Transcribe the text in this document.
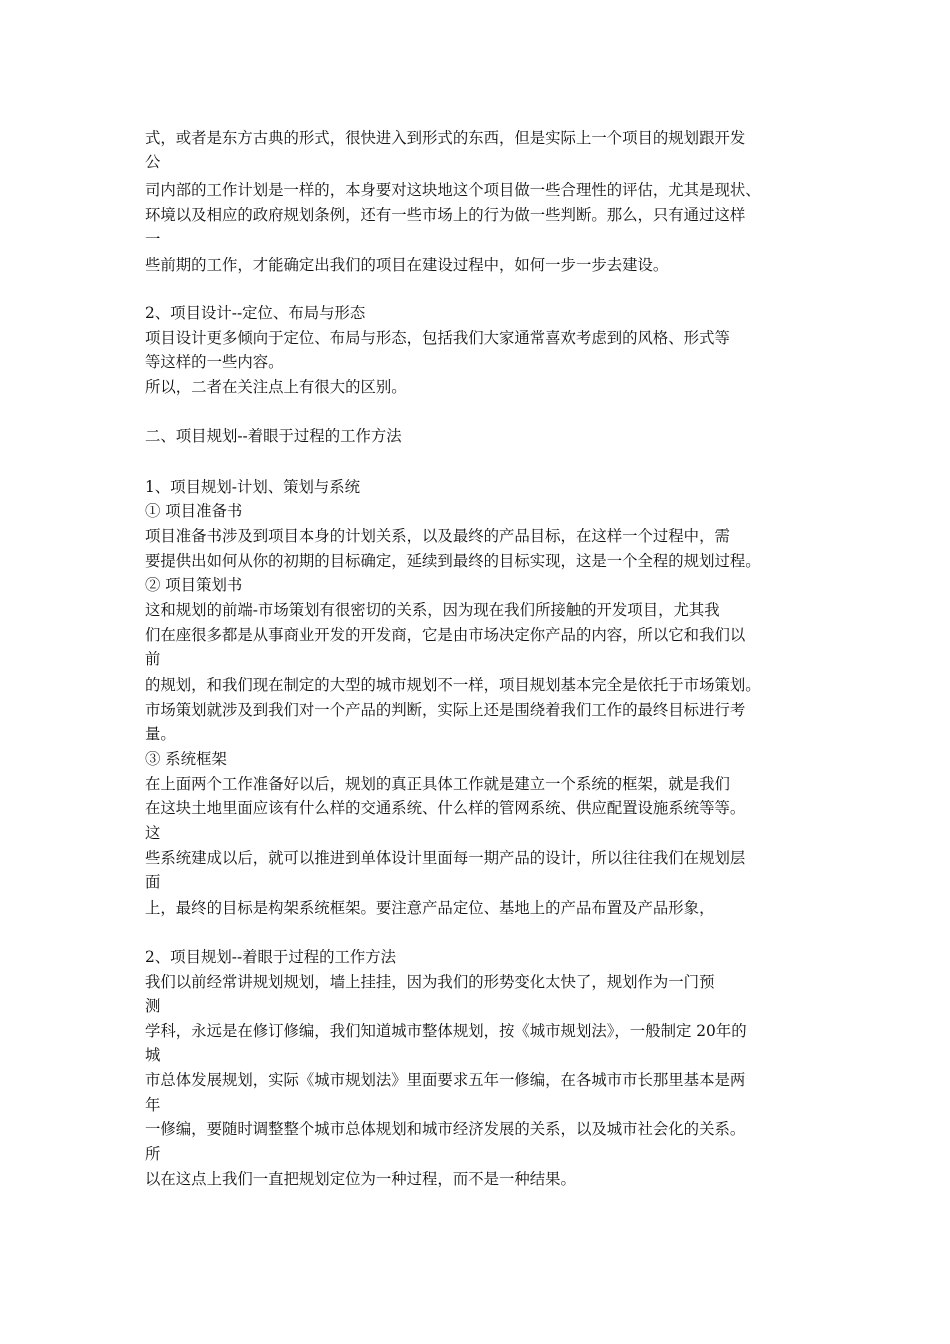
式，或者是东方古典的形式，很快进入到形式的东西，但是实际上一个项目的规划跟开发

公

司内部的工作计划是一样的，本身要对这块地这个项目做一些合理性的评估，尤其是现状、

环境以及相应的政府规划条例，还有一些市场上的行为做一些判断。那么，只有通过这样

一

些前期的工作，才能确定出我们的项目在建设过程中，如何一步一步去建设。

2、项目设计--定位、布局与形态

项目设计更多倾向于定位、布局与形态，包括我们大家通常喜欢考虑到的风格、形式等

等这样的一些内容。

所以，二者在关注点上有很大的区别。

二、项目规划--着眼于过程的工作方法

1、项目规划-计划、策划与系统

① 项目准备书

项目准备书涉及到项目本身的计划关系，以及最终的产品目标，在这样一个过程中，需

要提供出如何从你的初期的目标确定，延续到最终的目标实现，这是一个全程的规划过程。

② 项目策划书

这和规划的前端-市场策划有很密切的关系，因为现在我们所接触的开发项目，尤其我

们在座很多都是从事商业开发的开发商，它是由市场决定你产品的内容，所以它和我们以

前

的规划，和我们现在制定的大型的城市规划不一样，项目规划基本完全是依托于市场策划。

市场策划就涉及到我们对一个产品的判断，实际上还是围绕着我们工作的最终目标进行考

量。

③ 系统框架

在上面两个工作准备好以后，规划的真正具体工作就是建立一个系统的框架，就是我们

在这块土地里面应该有什么样的交通系统、什么样的管网系统、供应配置设施系统等等。

这

些系统建成以后，就可以推进到单体设计里面每一期产品的设计，所以往往我们在规划层

面

上，最终的目标是构架系统框架。要注意产品定位、基地上的产品布置及产品形象，

2、项目规划--着眼于过程的工作方法

我们以前经常讲规划规划，墙上挂挂，因为我们的形势变化太快了，规划作为一门预

测

学科，永远是在修订修编，我们知道城市整体规划，按《城市规划法》，一般制定 20年的

城

市总体发展规划，实际《城市规划法》里面要求五年一修编，在各城市市长那里基本是两

年

一修编，要随时调整整个城市总体规划和城市经济发展的关系，以及城市社会化的关系。

所

以在这点上我们一直把规划定位为一种过程，而不是一种结果。
